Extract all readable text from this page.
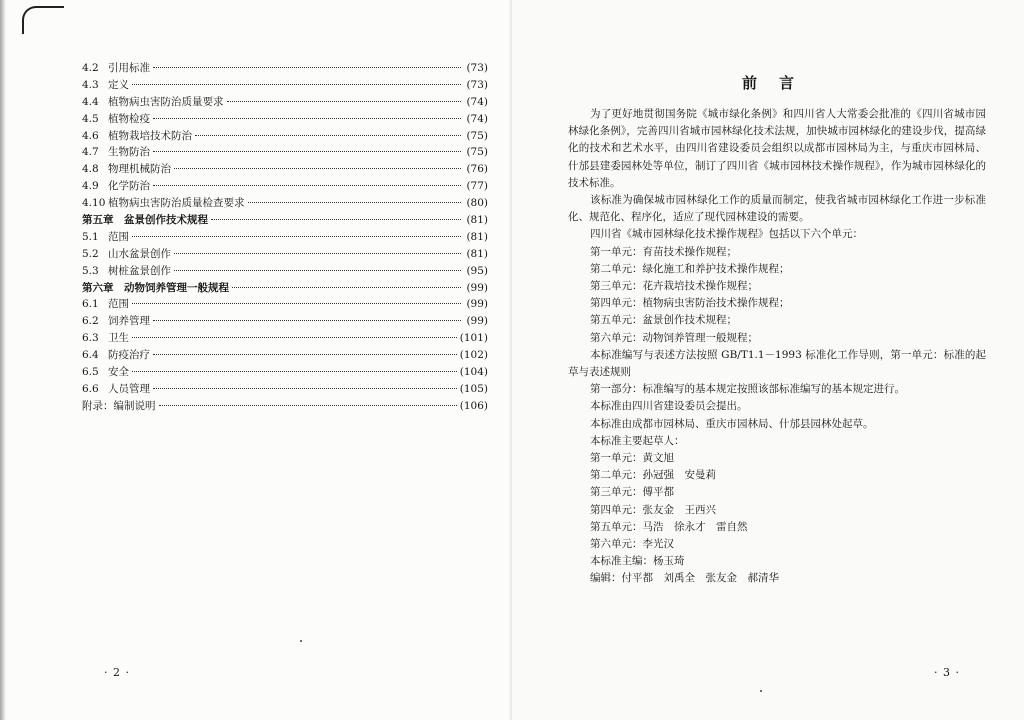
4.2 引用标准	(73)
4.3 定义	(73)
4.4 植物病虫害防治质量要求	(74)
4.5 植物检疫	(74)
4.6 植物栽培技术防治	(75)
4.7 生物防治	(75)
4.8 物理机械防治	(76)
4.9 化学防治	(77)
4.10 植物病虫害防治质量检查要求	(80)
第五章　盆景创作技术规程	(81)
5.1 范围	(81)
5.2 山水盆景创作	(81)
5.3 树桩盆景创作	(95)
第六章　动物饲养管理一般规程	(99)
6.1 范围	(99)
6.2 饲养管理	(99)
6.3 卫生	(101)
6.4 防疫治疗	(102)
6.5 安全	(104)
6.6 人员管理	(105)
附录：编制说明	(106)
· 2 ·
前言
· 3 ·

为了更好地贯彻国务院《城市绿化条例》和四川省人大常委会批准的《四川省城市园林绿化条例》，完善四川省城市园林绿化技术法规，加快城市园林绿化的建设步伐，提高绿化的技术和艺术水平，由四川省建设委员会组织以成都市园林局为主，与重庆市园林局、什邡县建委园林处等单位，制订了四川省《城市园林技术操作规程》，作为城市园林绿化的技术标准。

该标准为确保城市园林绿化工作的质量而制定，使我省城市园林绿化工作进一步标准化、规范化、程序化，适应了现代园林建设的需要。

四川省《城市园林绿化技术操作规程》包括以下六个单元：

第一单元：育苗技术操作规程；

第二单元：绿化施工和养护技术操作规程；

第三单元：花卉栽培技术操作规程；

第四单元：植物病虫害防治技术操作规程；

第五单元：盆景创作技术规程；

第六单元：动物饲养管理一般规程；

本标准编写与表述方法按照 GB/T1.1－1993 标准化工作导则，第一单元：标准的起草与表述规则

第一部分：标准编写的基本规定按照该部标准编写的基本规定进行。

本标准由四川省建设委员会提出。

本标准由成都市园林局、重庆市园林局、什邡县园林处起草。

本标准主要起草人：

第一单元：黄文旭

第二单元：孙冠强　安曼莉

第三单元：傅平都

第四单元：张友金　王西兴

第五单元：马浩　徐永才　雷自然

第六单元：李光汉

本标准主编：杨玉琦

编辑：付平都　刘禹全　张友金　郝清华
